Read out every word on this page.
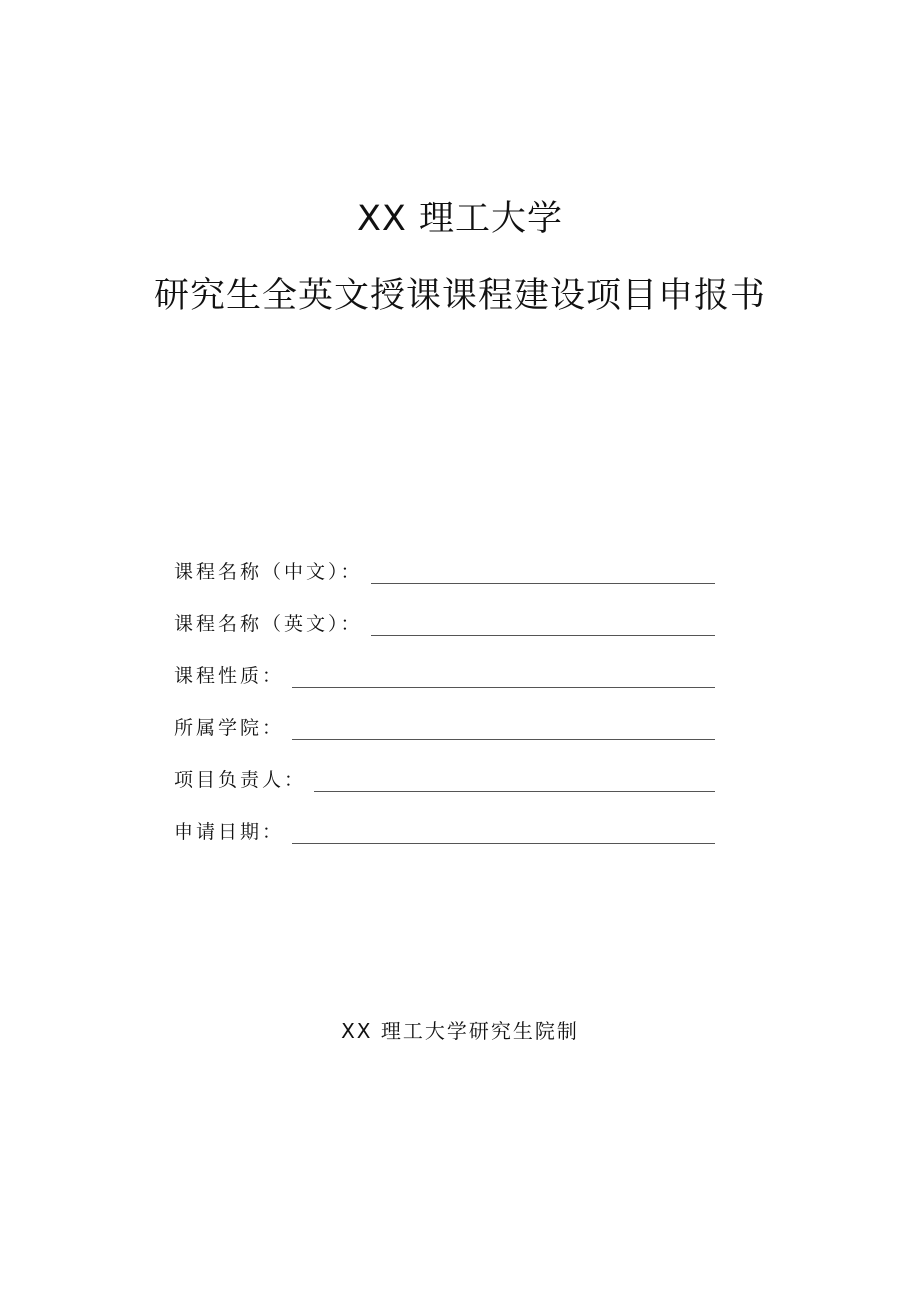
XX 理工大学
研究生全英文授课课程建设项目申报书
课程名称（中文）：
课程名称（英文）：
课程性质：
所属学院：
项目负责人：
申请日期：
XX 理工大学研究生院制
